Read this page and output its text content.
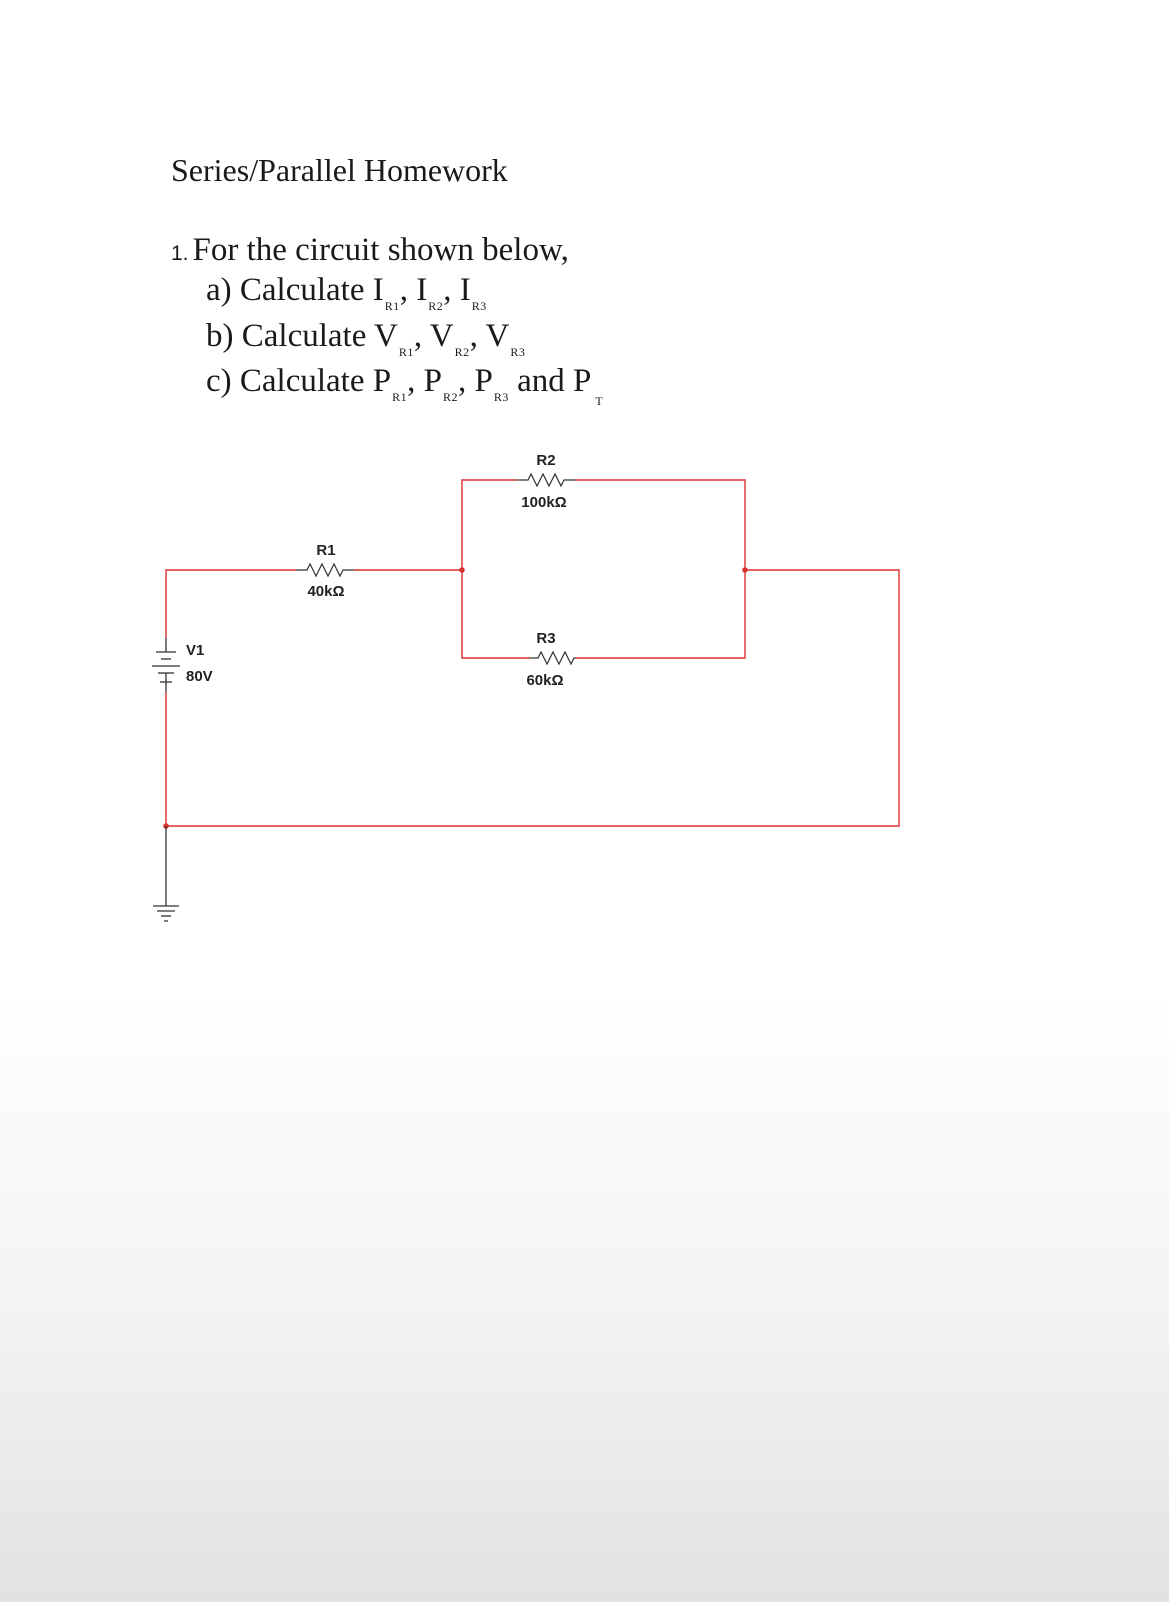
Series/Parallel Homework
1. For the circuit shown below,
a) Calculate $I_{R1}$, $I_{R2}$, $I_{R3}$
b) Calculate $V_{R1}$, $V_{R2}$, $V_{R3}$
c) Calculate $P_{R1}$, $P_{R2}$, $P_{R3}$ and $P_T$
R1
40kΩ
R2
100kΩ
R3
60kΩ
V1
80V
